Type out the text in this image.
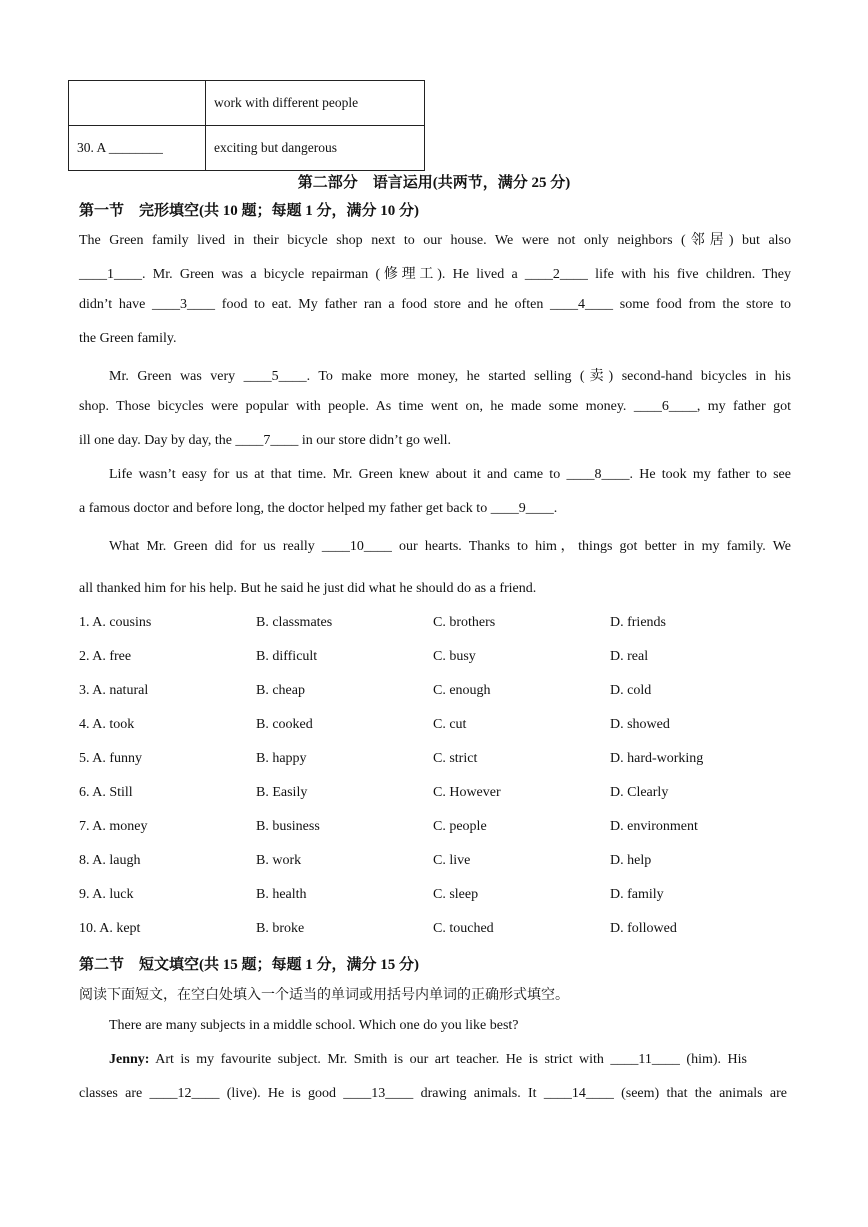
	work with different people
30. A ________	exciting but dangerous
第二部分　语言运用(共两节，满分 25 分)
第一节　完形填空(共 10 题；每题 1 分，满分 10 分)
The Green family lived in their bicycle shop next to our house. We were not only neighbors (邻居) but also
____1____. Mr. Green was a bicycle repairman (修理工). He lived a ____2____ life with his five children. They
didn’t have ____3____ food to eat. My father ran a food store and he often ____4____ some food from the store to
the Green family.
Mr. Green was very ____5____. To make more money, he started selling (卖) second-hand bicycles in his
shop. Those bicycles were popular with people. As time went on, he made some money. ____6____, my father got
ill one day. Day by day, the ____7____ in our store didn’t go well.
Life wasn’t easy for us at that time. Mr. Green knew about it and came to ____8____. He took my father to see
a famous doctor and before long, the doctor helped my father get back to ____9____.
What Mr. Green did for us really ____10____ our hearts. Thanks to him，things got better in my family. We
all thanked him for his help. But he said he just did what he should do as a friend.
1. A. cousins	B. classmates	C. brothers	D. friends
2. A. free	B. difficult	C. busy	D. real
3. A. natural	B. cheap	C. enough	D. cold
4. A. took	B. cooked	C. cut	D. showed
5. A. funny	B. happy	C. strict	D. hard-working
6. A. Still	B. Easily	C. However	D. Clearly
7. A. money	B. business	C. people	D. environment
8. A. laugh	B. work	C. live	D. help
9. A. luck	B. health	C. sleep	D. family
10. A. kept	B. broke	C. touched	D. followed
第二节　短文填空(共 15 题；每题 1 分，满分 15 分)
阅读下面短文，在空白处填入一个适当的单词或用括号内单词的正确形式填空。
There are many subjects in a middle school. Which one do you like best?
Jenny: Art is my favourite subject. Mr. Smith is our art teacher. He is strict with ____11____ (him). His
classes are ____12____ (live). He is good ____13____ drawing animals. It ____14____ (seem) that the animals are
